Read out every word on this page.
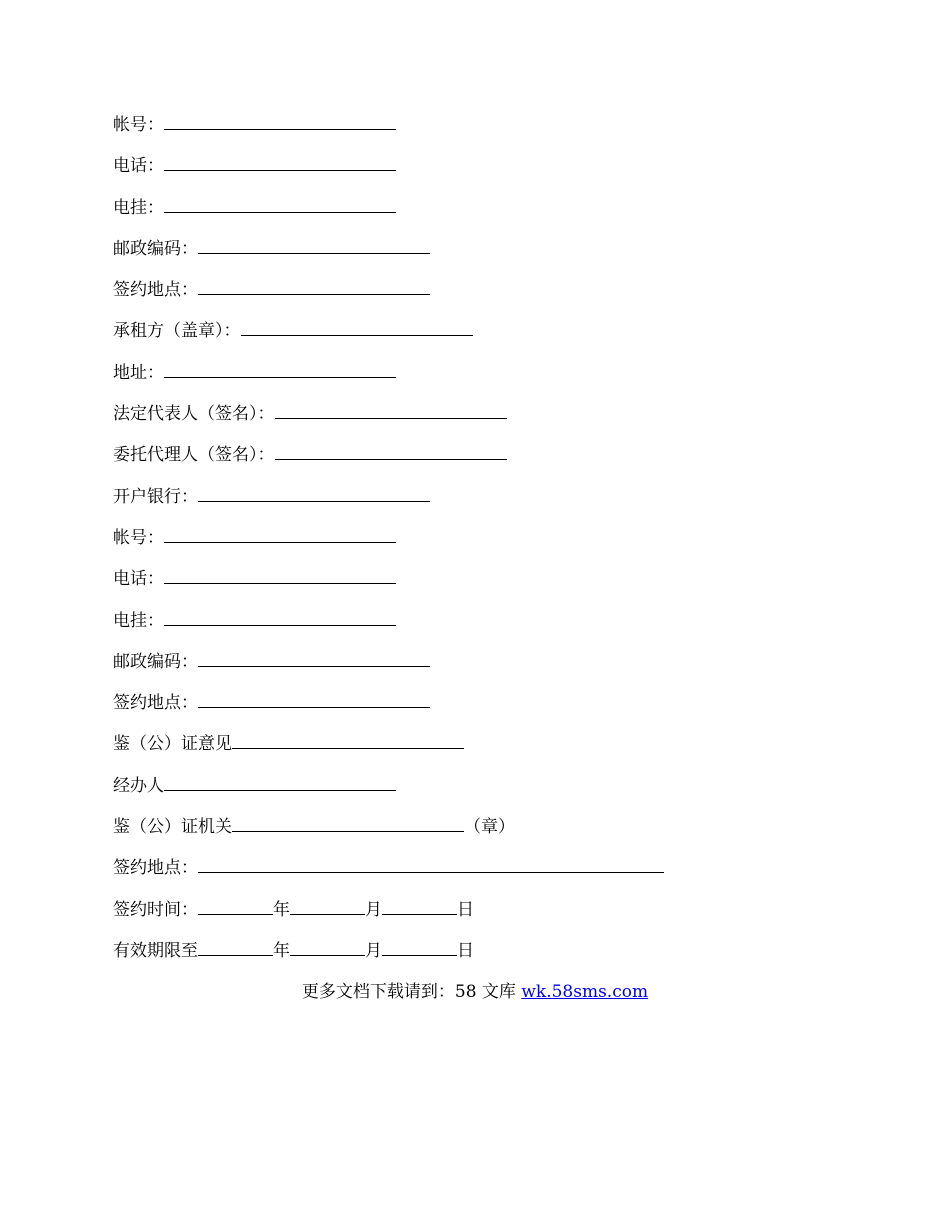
帐号：
电话：
电挂：
邮政编码：
签约地点：
承租方（盖章）：
地址：
法定代表人（签名）：
委托代理人（签名）：
开户银行：
帐号：
电话：
电挂：
邮政编码：
签约地点：
鉴（公）证意见
经办人
鉴（公）证机关	（章）
签约地点：
签约时间：	年	月	日
有效期限至	年	月	日
更多文档下载请到：58 文库 wk.58sms.com
